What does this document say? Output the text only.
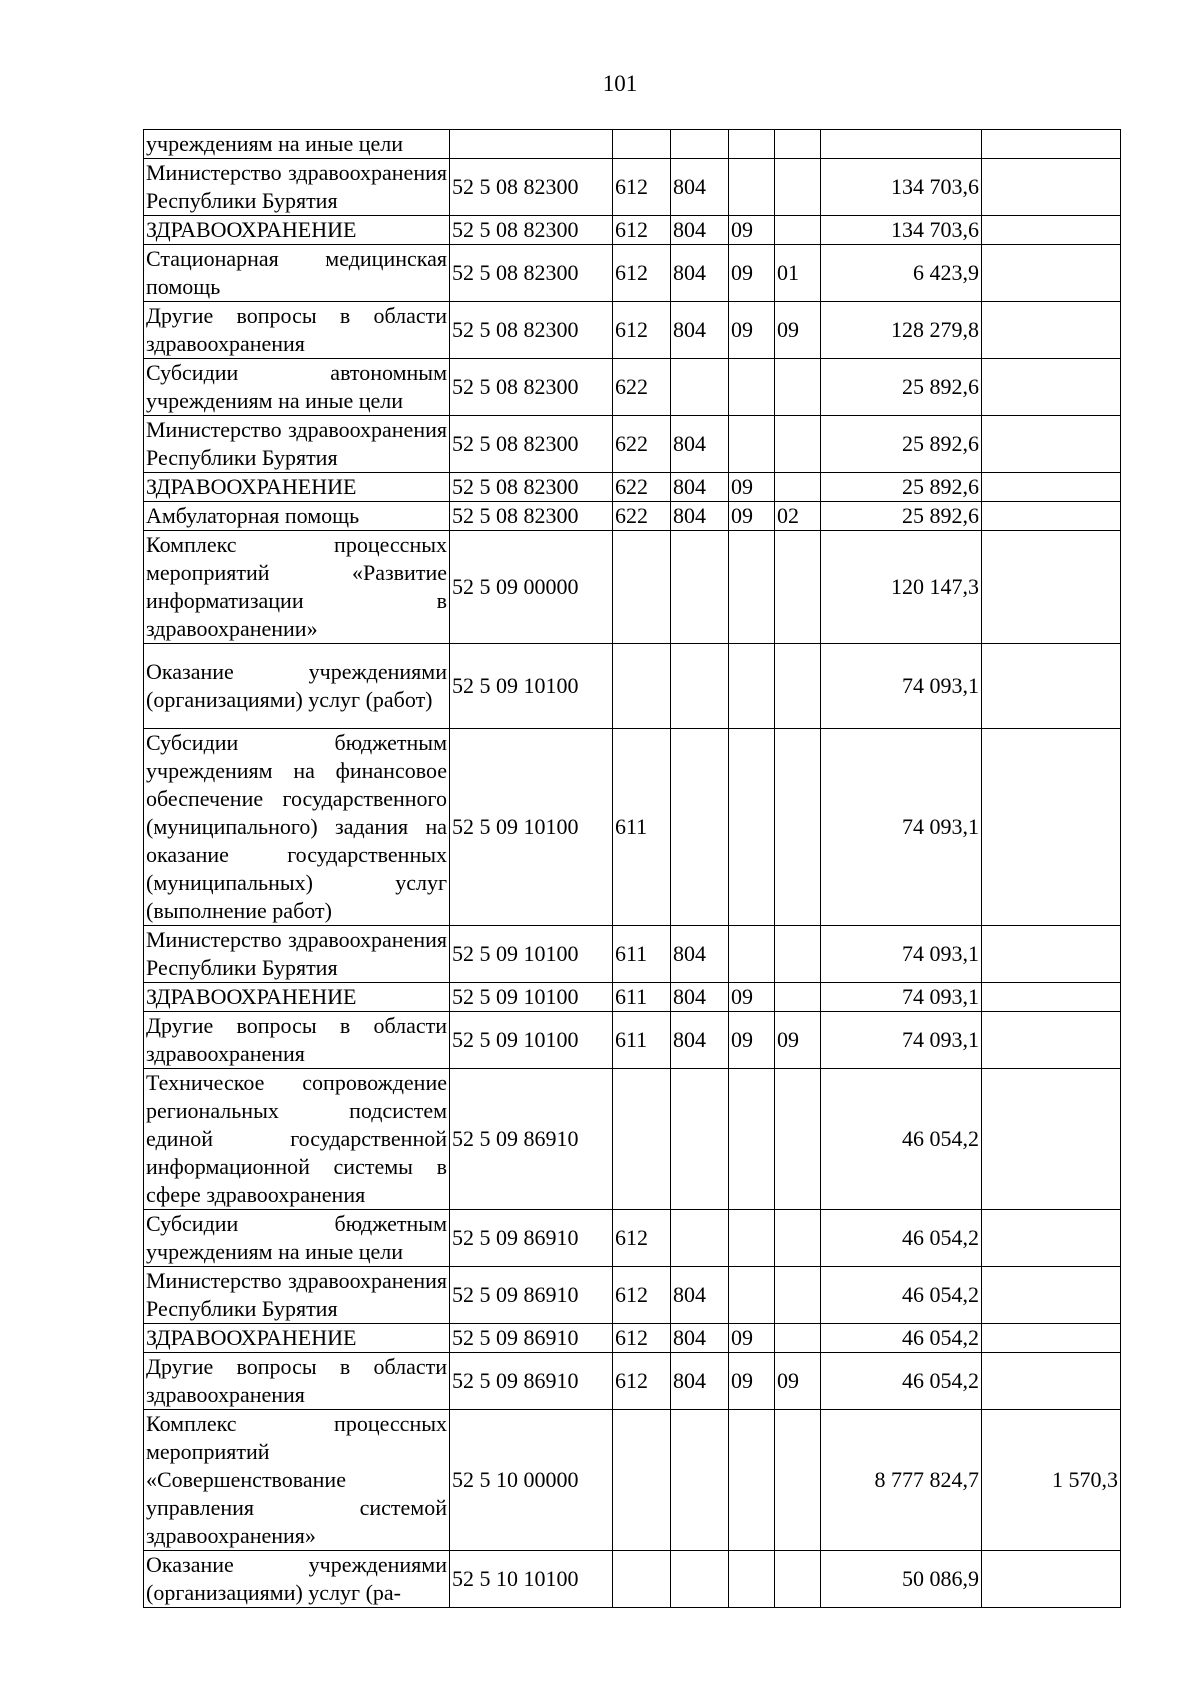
101
учреждениям на иные цели							
Министерство здравоохранения Республики Бурятия	52 5 08 82300	612	804			134 703,6	
ЗДРАВООХРАНЕНИЕ	52 5 08 82300	612	804	09		134 703,6	
Стационарная медицинская помощь	52 5 08 82300	612	804	09	01	6 423,9	
Другие вопросы в области здравоохранения	52 5 08 82300	612	804	09	09	128 279,8	
Субсидии автономным учреждениям на иные цели	52 5 08 82300	622				25 892,6	
Министерство здравоохранения Республики Бурятия	52 5 08 82300	622	804			25 892,6	
ЗДРАВООХРАНЕНИЕ	52 5 08 82300	622	804	09		25 892,6	
Амбулаторная помощь	52 5 08 82300	622	804	09	02	25 892,6	
Комплекс процессных мероприятий «Развитие информатизации в здравоохранении»	52 5 09 00000					120 147,3	
Оказание учреждениями (организациями) услуг (работ)	52 5 09 10100					74 093,1	
Субсидии бюджетным учреждениям на финансовое обеспечение государственного (муниципального) задания на оказание государственных (муниципальных) услуг (выполнение работ)	52 5 09 10100	611				74 093,1	
Министерство здравоохранения Республики Бурятия	52 5 09 10100	611	804			74 093,1	
ЗДРАВООХРАНЕНИЕ	52 5 09 10100	611	804	09		74 093,1	
Другие вопросы в области здравоохранения	52 5 09 10100	611	804	09	09	74 093,1	
Техническое сопровождение региональных подсистем единой государственной информационной системы в сфере здравоохранения	52 5 09 86910					46 054,2	
Субсидии бюджетным учреждениям на иные цели	52 5 09 86910	612				46 054,2	
Министерство здравоохранения Республики Бурятия	52 5 09 86910	612	804			46 054,2	
ЗДРАВООХРАНЕНИЕ	52 5 09 86910	612	804	09		46 054,2	
Другие вопросы в области здравоохранения	52 5 09 86910	612	804	09	09	46 054,2	
Комплекс процессных мероприятий «Совершенствование управления системой здравоохранения»	52 5 10 00000					8 777 824,7	1 570,3
Оказание учреждениями (организациями) услуг (ра-	52 5 10 10100					50 086,9	
